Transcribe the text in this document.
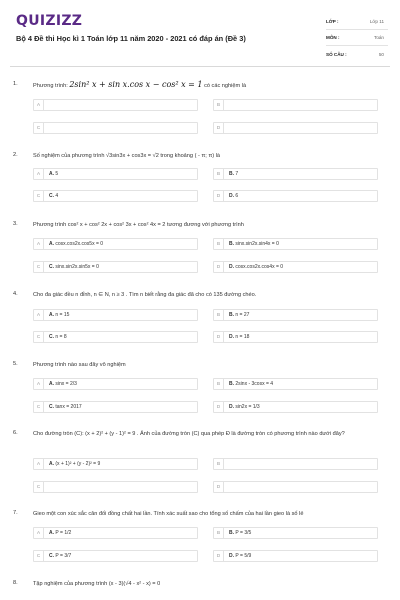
QUIZIZZ
Bộ 4 Đề thi Học kì 1 Toán lớp 11 năm 2020 - 2021 có đáp án (Đề 3)
LỚP :	Lớp 11
MÔN :	Toán
SỐ CÂU :	50
1.	Phương trình: 2sin² x + sin x.cos x − cos² x = 1 có các nghiệm là
A	B
C	D
2.	Số nghiệm của phương trình √3sin3x + cos3x = √2 trong khoảng ( - π; π) là
A	A. 5	B	B. 7
C	C. 4	D	D. 6
3.	Phương trình cos² x + cos² 2x + cos² 3x + cos² 4x = 2 tương đương với phương trình
A	A. cosx.cos2x.cos5x = 0	B	B. sinx.sin2x.sin4x = 0
C	C. sinx.sin2x.sin5x = 0	D	D. cosx.cos2x.cos4x = 0
4.	Cho đa giác đều n đỉnh, n ∈ N, n ≥ 3 . Tìm n biết rằng đa giác đã cho có 135 đường chéo.
A	A. n = 15	B	B. n = 27
C	C. n = 8	D	D. n = 18
5.	Phương trình nào sau đây vô nghiệm
A	A. sinx = 2/3	B	B. 2sinx - 3cosx = 4
C	C. tanx = 2017	D	D. sin2x = 1/3
6.	Cho đường tròn (C): (x + 2)² + (y - 1)² = 9 . Ảnh của đường tròn (C) qua phép Đ là đường tròn có phương trình nào dưới đây?
A	A. (x + 1)² + (y - 2)² = 9	B
C	D
7.	Gieo một con xúc sắc cân đối đồng chất hai lần. Tính xác suất sao cho tổng số chấm của hai lần gieo là số lẻ
A	A. P = 1/2	B	B. P = 3/5
C	C. P = 3/7	D	D. P = 5/9
8.	Tập nghiệm của phương trình (x - 3)(√4 - x² - x) = 0
